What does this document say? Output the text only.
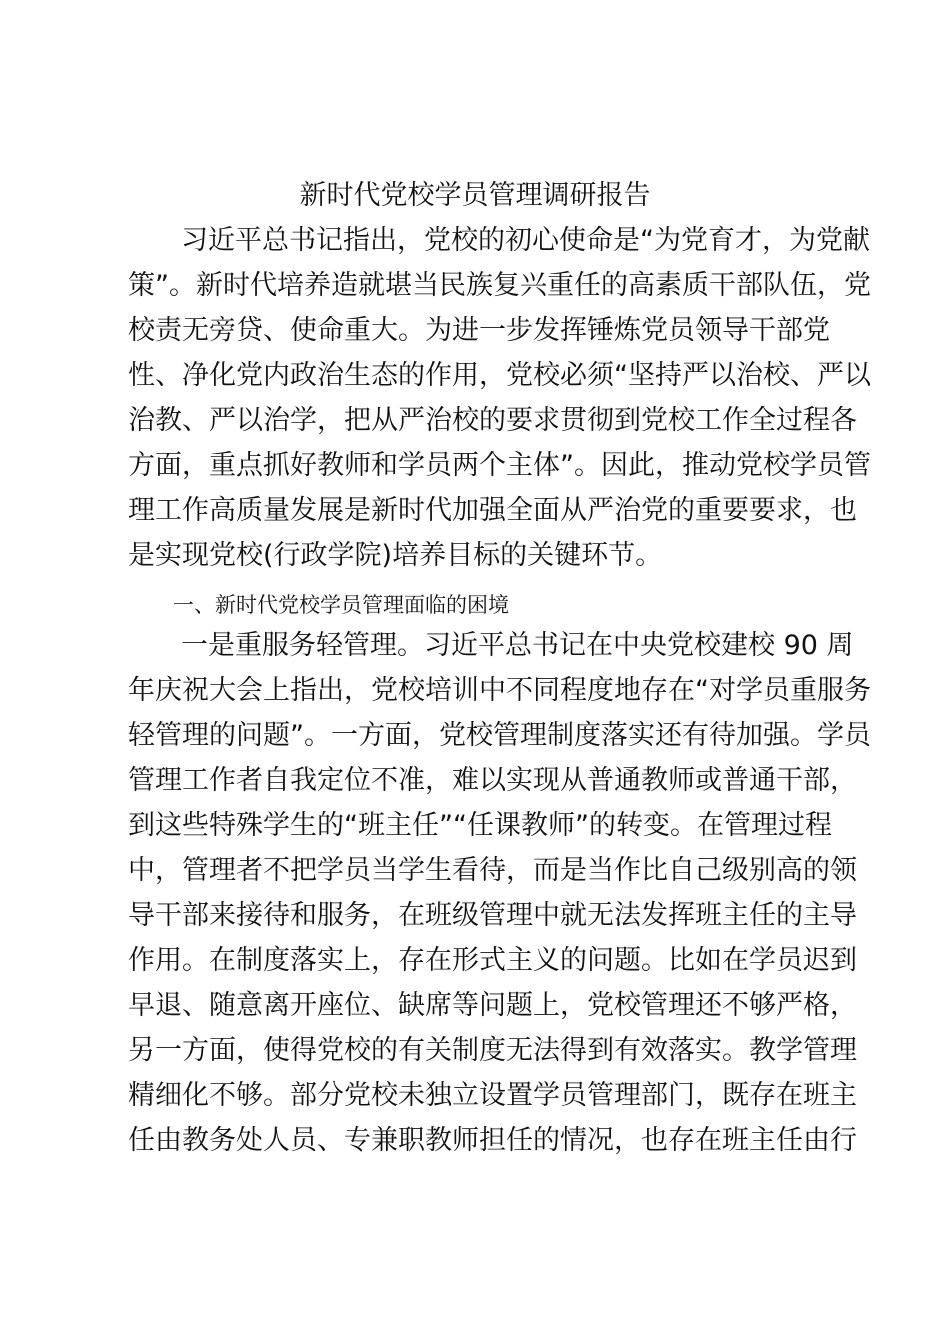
新时代党校学员管理调研报告
习近平总书记指出，党校的初心使命是“为党育才，为党献
策”。新时代培养造就堪当民族复兴重任的高素质干部队伍，党
校责无旁贷、使命重大。为进一步发挥锤炼党员领导干部党
性、净化党内政治生态的作用，党校必须“坚持严以治校、严以
治教、严以治学，把从严治校的要求贯彻到党校工作全过程各
方面，重点抓好教师和学员两个主体”。因此，推动党校学员管
理工作高质量发展是新时代加强全面从严治党的重要要求，也
是实现党校(行政学院)培养目标的关键环节。
一、新时代党校学员管理面临的困境
一是重服务轻管理。习近平总书记在中央党校建校 90 周
年庆祝大会上指出，党校培训中不同程度地存在“对学员重服务
轻管理的问题”。一方面，党校管理制度落实还有待加强。学员
管理工作者自我定位不准，难以实现从普通教师或普通干部，
到这些特殊学生的“班主任”“任课教师”的转变。在管理过程
中，管理者不把学员当学生看待，而是当作比自己级别高的领
导干部来接待和服务，在班级管理中就无法发挥班主任的主导
作用。在制度落实上，存在形式主义的问题。比如在学员迟到
早退、随意离开座位、缺席等问题上，党校管理还不够严格，
另一方面，使得党校的有关制度无法得到有效落实。教学管理
精细化不够。部分党校未独立设置学员管理部门，既存在班主
任由教务处人员、专兼职教师担任的情况，也存在班主任由行
